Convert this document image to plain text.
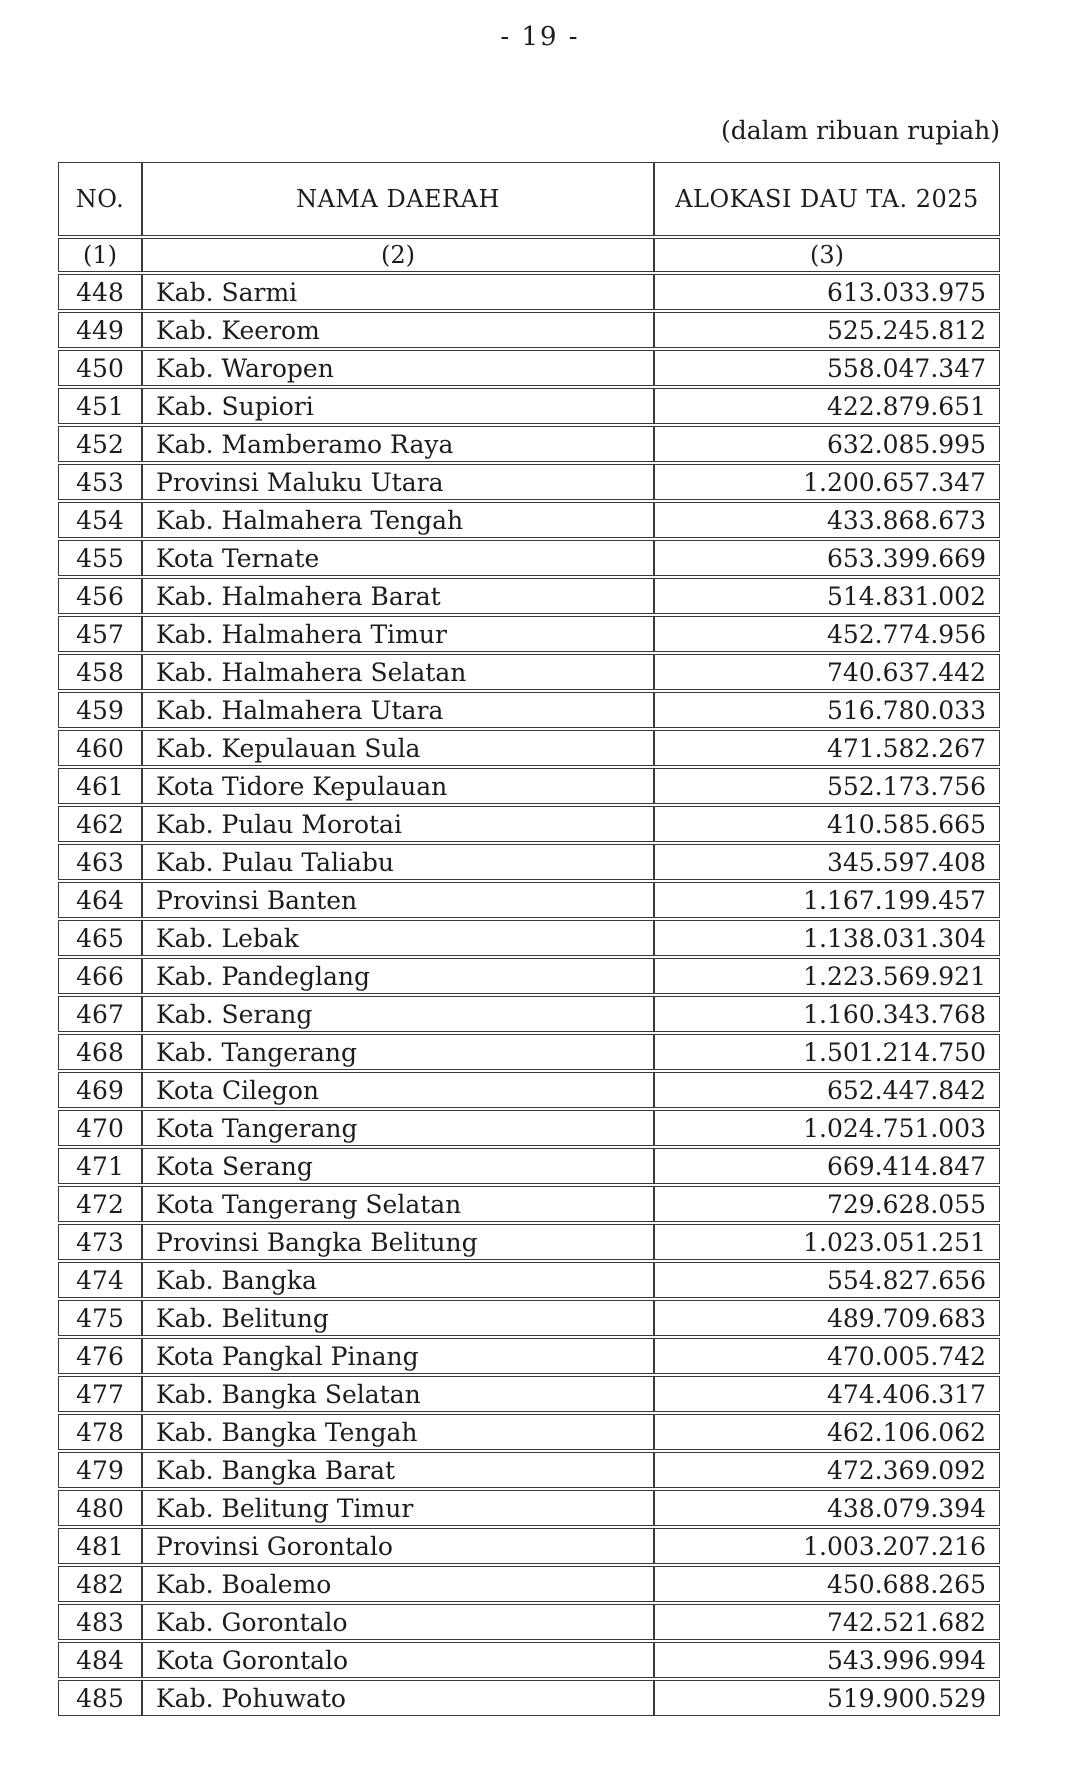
- 19 -
(dalam ribuan rupiah)
NO.	NAMA DAERAH	ALOKASI DAU TA. 2025
(1)	(2)	(3)
448	Kab. Sarmi	613.033.975
449	Kab. Keerom	525.245.812
450	Kab. Waropen	558.047.347
451	Kab. Supiori	422.879.651
452	Kab. Mamberamo Raya	632.085.995
453	Provinsi Maluku Utara	1.200.657.347
454	Kab. Halmahera Tengah	433.868.673
455	Kota Ternate	653.399.669
456	Kab. Halmahera Barat	514.831.002
457	Kab. Halmahera Timur	452.774.956
458	Kab. Halmahera Selatan	740.637.442
459	Kab. Halmahera Utara	516.780.033
460	Kab. Kepulauan Sula	471.582.267
461	Kota Tidore Kepulauan	552.173.756
462	Kab. Pulau Morotai	410.585.665
463	Kab. Pulau Taliabu	345.597.408
464	Provinsi Banten	1.167.199.457
465	Kab. Lebak	1.138.031.304
466	Kab. Pandeglang	1.223.569.921
467	Kab. Serang	1.160.343.768
468	Kab. Tangerang	1.501.214.750
469	Kota Cilegon	652.447.842
470	Kota Tangerang	1.024.751.003
471	Kota Serang	669.414.847
472	Kota Tangerang Selatan	729.628.055
473	Provinsi Bangka Belitung	1.023.051.251
474	Kab. Bangka	554.827.656
475	Kab. Belitung	489.709.683
476	Kota Pangkal Pinang	470.005.742
477	Kab. Bangka Selatan	474.406.317
478	Kab. Bangka Tengah	462.106.062
479	Kab. Bangka Barat	472.369.092
480	Kab. Belitung Timur	438.079.394
481	Provinsi Gorontalo	1.003.207.216
482	Kab. Boalemo	450.688.265
483	Kab. Gorontalo	742.521.682
484	Kota Gorontalo	543.996.994
485	Kab. Pohuwato	519.900.529
